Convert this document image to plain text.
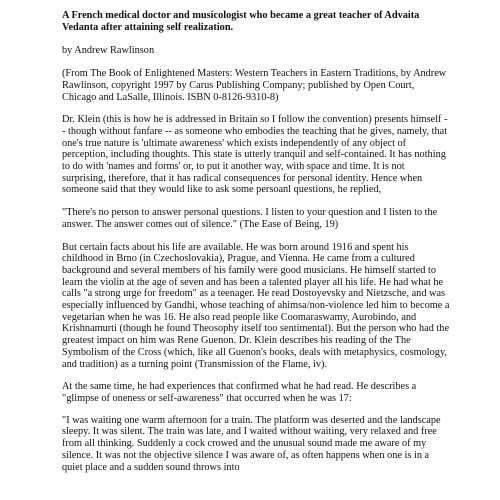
A French medical doctor and musicologist who became a great teacher of Advaita Vedanta after attaining self realization.
by Andrew Rawlinson
(From The Book of Enlightened Masters: Western Teachers in Eastern Traditions, by Andrew Rawlinson, copyright 1997 by Carus Publishing Company; published by Open Court, Chicago and LaSalle, Illinois. ISBN 0-8126-9310-8)
Dr. Klein (this is how he is addressed in Britain so I follow the convention) presents himself -- though without fanfare -- as someone who embodies the teaching that he gives, namely, that one's true nature is 'ultimate awareness' which exists independently of any object of perception, including thoughts. This state is utterly tranquil and self-contained. It has nothing to do with 'names and forms' or, to put it another way, with space and time. It is not surprising, therefore, that it has radical consequences for personal identity. Hence when someone said that they would like to ask some persoanl questions, he replied,
"There's no person to answer personal questions. I listen to your question and I listen to the answer. The answer comes out of silence." (The Ease of Being, 19)
But certain facts about his life are available. He was born around 1916 and spent his childhood in Brno (in Czechoslovakia), Prague, and Vienna. He came from a cultured background and several members of his family were good musicians. He himself started to learn the violin at the age of seven and has been a talented player all his life. He had what he calls "a strong urge for freedom" as a teenager. He read Dostoyevsky and Nietzsche, and was especially influenced by Gandhi, whose teaching of ahimsa/non-violence led him to become a vegetarian when he was 16. He also read people like Coomaraswamy, Aurobindo, and Krishnamurti (though he found Theosophy itself too sentimental). But the person who had the greatest impact on him was Rene Guenon. Dr. Klein describes his reading of the The Symbolism of the Cross (which, like all Guenon's books, deals with metaphysics, cosmology, and tradition) as a turning point (Transmission of the Flame, iv).
At the same time, he had experiences that confirmed what he had read. He describes a "glimpse of oneness or self-awareness" that occurred when he was 17:
"I was waiting one warm afternoon for a train. The platform was deserted and the landscape sleepy. It was silent. The train was late, and I waited without waiting, very relaxed and free from all thinking. Suddenly a cock crowed and the unusual sound made me aware of my silence. It was not the objective silence I was aware of, as often happens when one is in a quiet place and a sudden sound throws into
